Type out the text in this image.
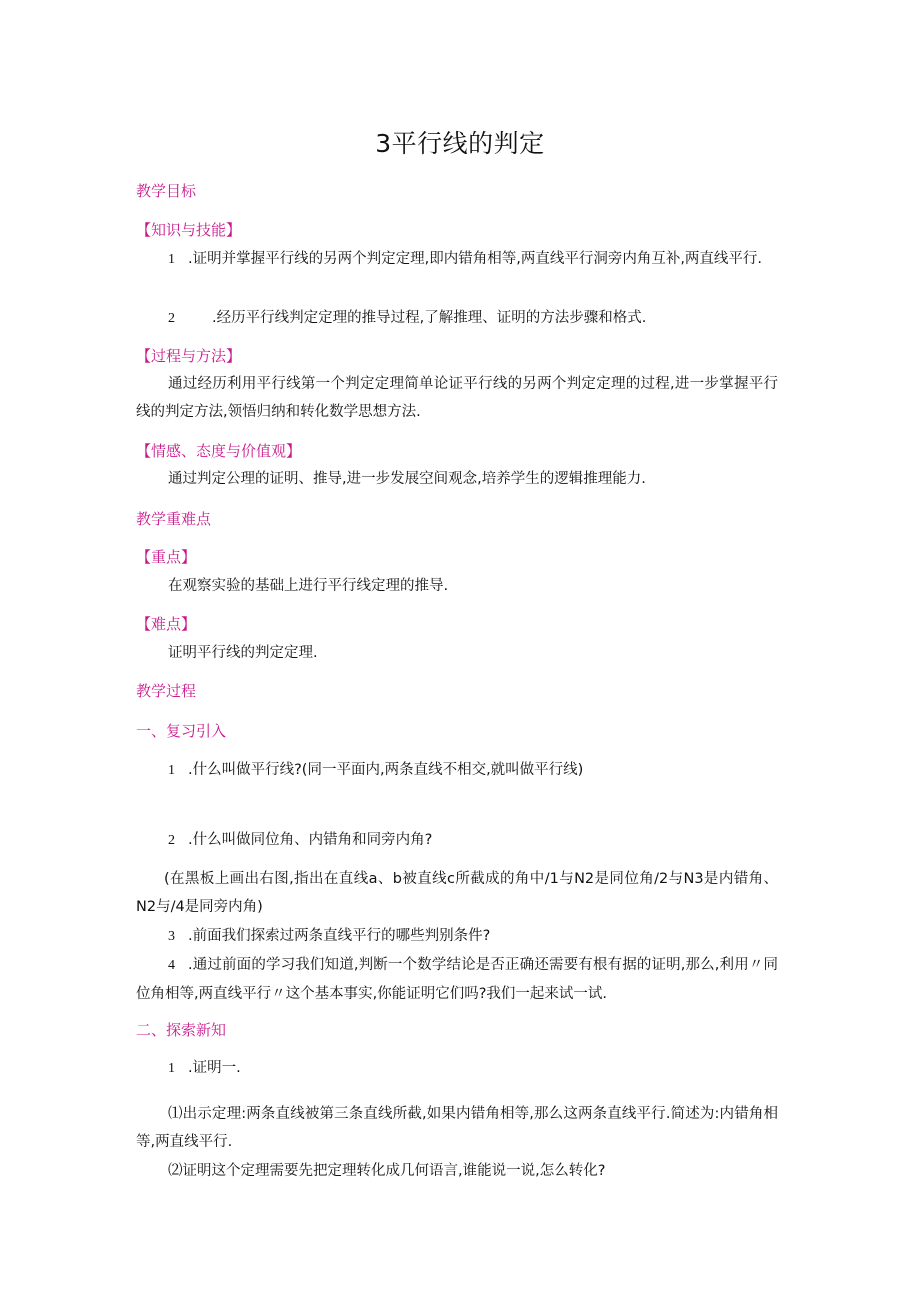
3平行线的判定
教学目标
【知识与技能】
1 .证明并掌握平行线的另两个判定定理,即内错角相等,两直线平行洞旁内角互补,两直线平行.
2	.经历平行线判定定理的推导过程,了解推理、证明的方法步骤和格式.
【过程与方法】
通过经历利用平行线第一个判定定理简单论证平行线的另两个判定定理的过程,进一步掌握平行线的判定方法,领悟归纳和转化数学思想方法.
【情感、态度与价值观】
通过判定公理的证明、推导,进一步发展空间观念,培养学生的逻辑推理能力.
教学重难点
【重点】
在观察实验的基础上进行平行线定理的推导.
【难点】
证明平行线的判定定理.
教学过程
一、复习引入
1 .什么叫做平行线?(同一平面内,两条直线不相交,就叫做平行线)
2 .什么叫做同位角、内错角和同旁内角?
(在黑板上画出右图,指出在直线a、b被直线c所截成的角中/1与N2是同位角/2与N3是内错角、N2与/4是同旁内角)
3 .前面我们探索过两条直线平行的哪些判别条件?
4 .通过前面的学习我们知道,判断一个数学结论是否正确还需要有根有据的证明,那么,利用〃同位角相等,两直线平行〃这个基本事实,你能证明它们吗?我们一起来试一试.
二、探索新知
1 .证明一.
⑴出示定理:两条直线被第三条直线所截,如果内错角相等,那么这两条直线平行.简述为:内错角相等,两直线平行.
⑵证明这个定理需要先把定理转化成几何语言,谁能说一说,怎么转化?
